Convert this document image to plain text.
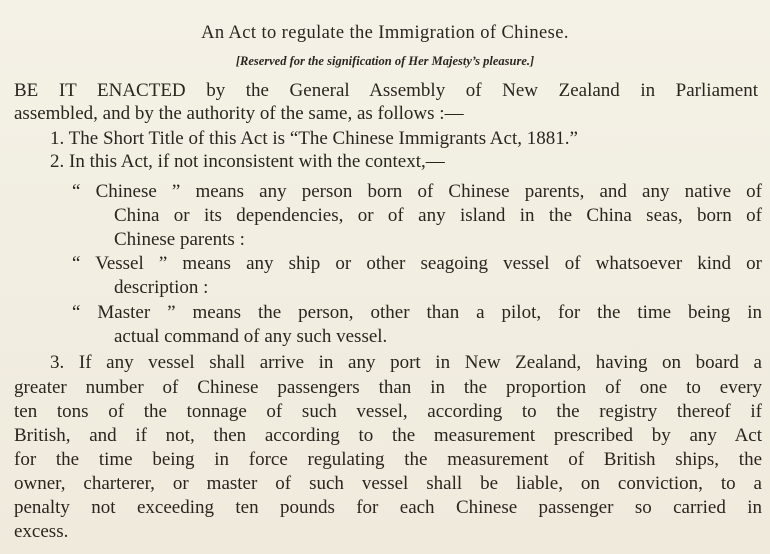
An Act to regulate the Immigration of Chinese.
[Reserved for the signification of Her Majesty’s pleasure.]
BE IT ENACTED by the General Assembly of New Zealand in Parliament
assembled, and by the authority of the same, as follows :—
1. The Short Title of this Act is “The Chinese Immigrants Act, 1881.”
2. In this Act, if not inconsistent with the context,—
“ Chinese ” means any person born of Chinese parents, and any native of
China or its dependencies, or of any island in the China seas, born of
Chinese parents :
“ Vessel ” means any ship or other seagoing vessel of whatsoever kind or
description :
“ Master ” means the person, other than a pilot, for the time being in
actual command of any such vessel.
3. If any vessel shall arrive in any port in New Zealand, having on board a
greater number of Chinese passengers than in the proportion of one to every
ten tons of the tonnage of such vessel, according to the registry thereof if
British, and if not, then according to the measurement prescribed by any Act
for the time being in force regulating the measurement of British ships, the
owner, charterer, or master of such vessel shall be liable, on conviction, to a
penalty not exceeding ten pounds for each Chinese passenger so carried in
excess.
